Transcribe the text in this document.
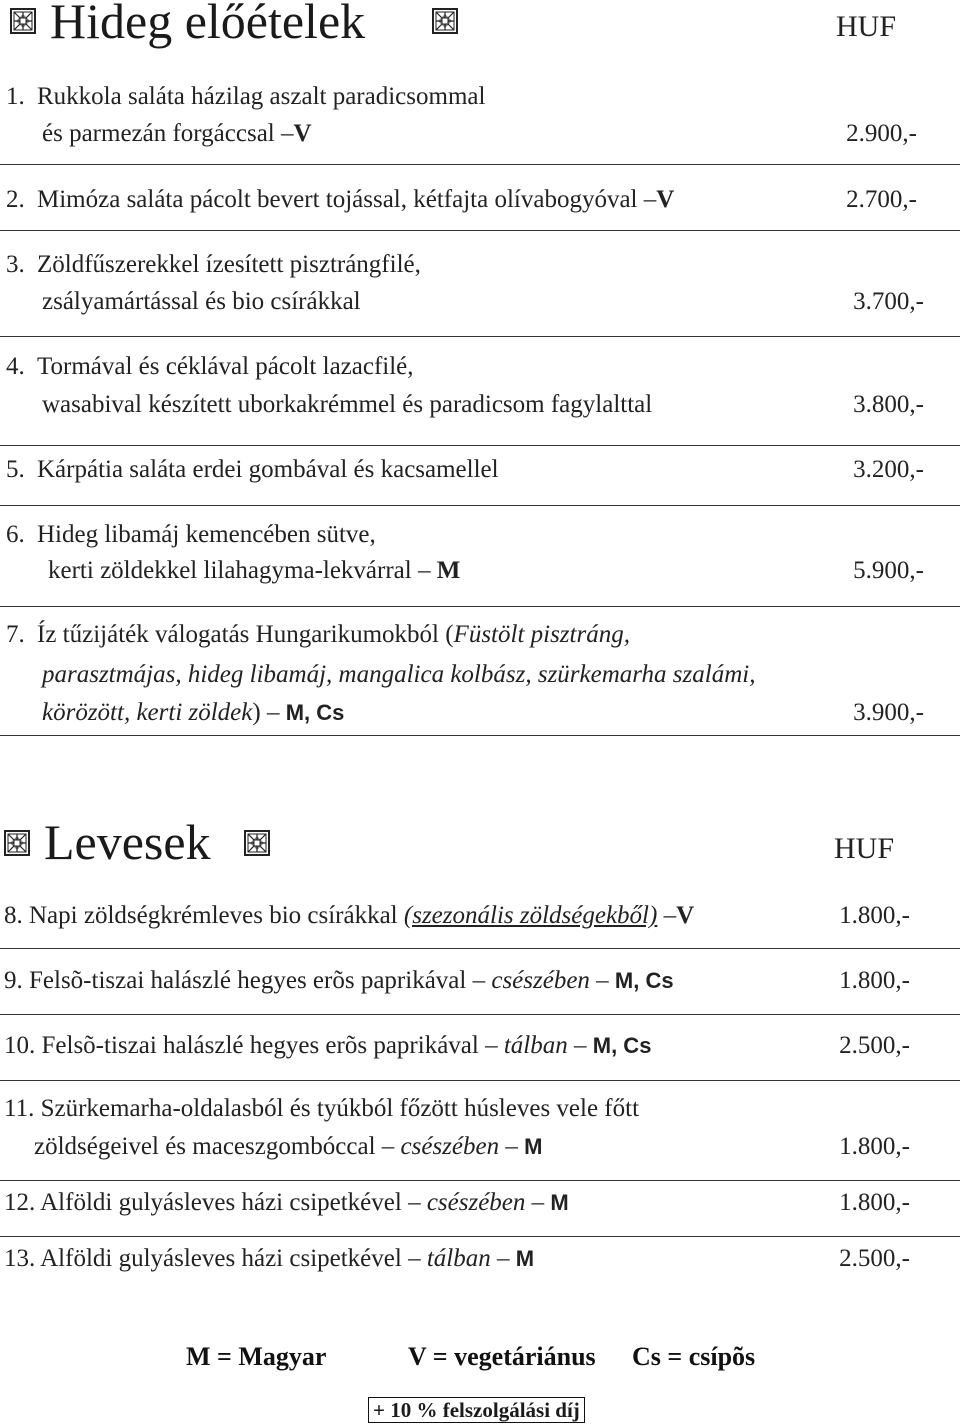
Hideg előételek	HUF
1. Rukkola saláta házilag aszalt paradicsommal
és parmezán forgáccsal –V	2.900,-
2. Mimóza saláta pácolt bevert tojással, kétfajta olívabogyóval –V	2.700,-
3. Zöldfűszerekkel ízesített pisztrángfilé,
zsályamártással és bio csírákkal	3.700,-
4. Tormával és céklával pácolt lazacfilé,
wasabival készített uborkakrémmel és paradicsom fagylalttal	3.800,-
5. Kárpátia saláta erdei gombával és kacsamellel	3.200,-
6. Hideg libamáj kemencében sütve,
kerti zöldekkel lilahagyma-lekvárral – M	5.900,-
7. Íz tűzijáték válogatás Hungarikumokból (Füstölt pisztráng,
parasztmájas, hideg libamáj, mangalica kolbász, szürkemarha szalámi,
körözött, kerti zöldek) – M, Cs	3.900,-
Levesek	HUF
8. Napi zöldségkrémleves bio csírákkal (szezonális zöldségekből) –V	1.800,-
9. Felsõ-tiszai halászlé hegyes erõs paprikával – csészében – M, Cs	1.800,-
10. Felsõ-tiszai halászlé hegyes erõs paprikával – tálban – M, Cs	2.500,-
11. Szürkemarha-oldalasból és tyúkból főzött húsleves vele főtt
zöldségeivel és maceszgombóccal – csészében – M	1.800,-
12. Alföldi gulyásleves házi csipetkével – csészében – M	1.800,-
13. Alföldi gulyásleves házi csipetkével – tálban – M	2.500,-
M = Magyar	V = vegetáriánus Cs = csípõs
+ 10 % felszolgálási díj
